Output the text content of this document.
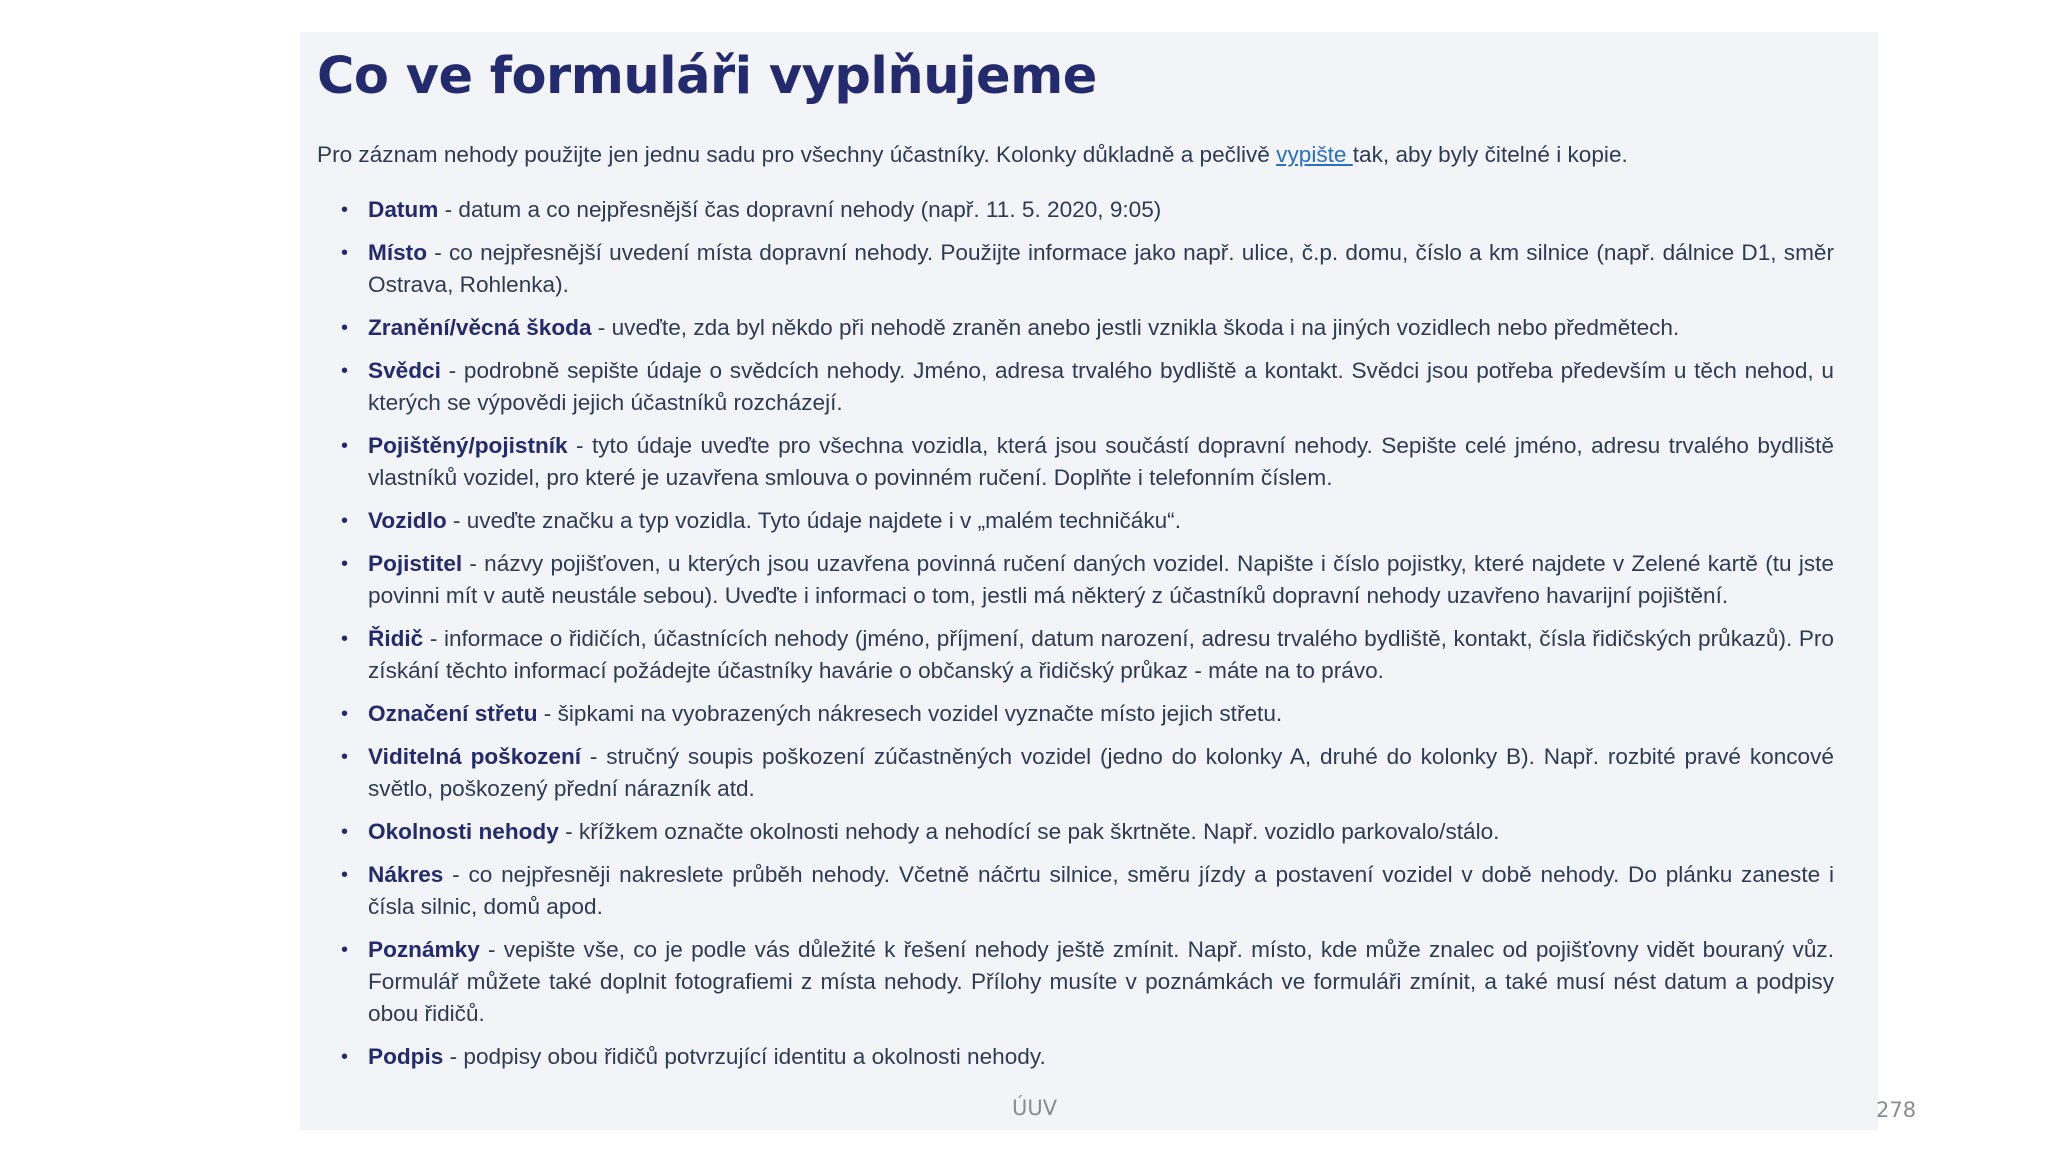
Co ve formuláři vyplňujeme

Pro záznam nehody použijte jen jednu sadu pro všechny účastníky. Kolonky důkladně a pečlivě vypište tak, aby byly čitelné i kopie.

• Datum - datum a co nejpřesnější čas dopravní nehody (např. 11. 5. 2020, 9:05)
• Místo - co nejpřesnější uvedení místa dopravní nehody. Použijte informace jako např. ulice, č.p. domu, číslo a km silnice (např. dálnice D1, směr Ostrava, Rohlenka).
• Zranění/věcná škoda - uveďte, zda byl někdo při nehodě zraněn anebo jestli vznikla škoda i na jiných vozidlech nebo předmětech.
• Svědci - podrobně sepište údaje o svědcích nehody. Jméno, adresa trvalého bydliště a kontakt. Svědci jsou potřeba především u těch nehod, u kterých se výpovědi jejich účastníků rozcházejí.
• Pojištěný/pojistník - tyto údaje uveďte pro všechna vozidla, která jsou součástí dopravní nehody. Sepište celé jméno, adresu trvalého bydliště vlastníků vozidel, pro které je uzavřena smlouva o povinném ručení. Doplňte i telefonním číslem.
• Vozidlo - uveďte značku a typ vozidla. Tyto údaje najdete i v „malém techničáku“.
• Pojistitel - názvy pojišťoven, u kterých jsou uzavřena povinná ručení daných vozidel. Napište i číslo pojistky, které najdete v Zelené kartě (tu jste povinni mít v autě neustále sebou). Uveďte i informaci o tom, jestli má některý z účastníků dopravní nehody uzavřeno havarijní pojištění.
• Řidič - informace o řidičích, účastnících nehody (jméno, příjmení, datum narození, adresu trvalého bydliště, kontakt, čísla řidičských průkazů). Pro získání těchto informací požádejte účastníky havárie o občanský a řidičský průkaz - máte na to právo.
• Označení střetu - šipkami na vyobrazených nákresech vozidel vyznačte místo jejich střetu.
• Viditelná poškození - stručný soupis poškození zúčastněných vozidel (jedno do kolonky A, druhé do kolonky B). Např. rozbité pravé koncové světlo, poškozený přední nárazník atd.
• Okolnosti nehody - křížkem označte okolnosti nehody a nehodící se pak škrtněte. Např. vozidlo parkovalo/stálo.
• Nákres - co nejpřesněji nakreslete průběh nehody. Včetně náčrtu silnice, směru jízdy a postavení vozidel v době nehody. Do plánku zaneste i čísla silnic, domů apod.
• Poznámky - vepište vše, co je podle vás důležité k řešení nehody ještě zmínit. Např. místo, kde může znalec od pojišťovny vidět bouraný vůz. Formulář můžete také doplnit fotografiemi z místa nehody. Přílohy musíte v poznámkách ve formuláři zmínit, a také musí nést datum a podpisy obou řidičů.
• Podpis - podpisy obou řidičů potvrzující identitu a okolnosti nehody.
ÚUV	278
